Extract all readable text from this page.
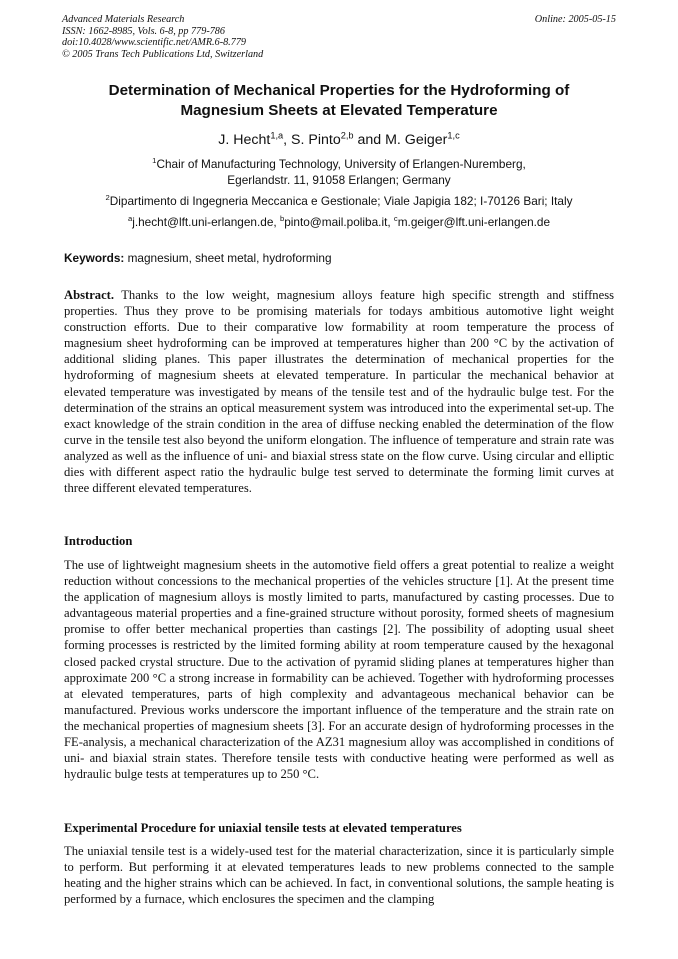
Advanced Materials Research
ISSN: 1662-8985, Vols. 6-8, pp 779-786
doi:10.4028/www.scientific.net/AMR.6-8.779
© 2005 Trans Tech Publications Ltd, Switzerland
Online: 2005-05-15
Determination of Mechanical Properties for the Hydroforming of
Magnesium Sheets at Elevated Temperature
J. Hecht$^{1,a}$, S. Pinto$^{2,b}$ and M. Geiger$^{1,c}$
$^1$Chair of Manufacturing Technology, University of Erlangen-Nuremberg,
Egerlandstr. 11, 91058 Erlangen; Germany
$^2$Dipartimento di Ingegneria Meccanica e Gestionale; Viale Japigia 182; I-70126 Bari; Italy
$^a$j.hecht@lft.uni-erlangen.de, $^b$pinto@mail.poliba.it, $^c$m.geiger@lft.uni-erlangen.de
Keywords: magnesium, sheet metal, hydroforming
Abstract. Thanks to the low weight, magnesium alloys feature high specific strength and stiffness properties. Thus they prove to be promising materials for todays ambitious automotive light weight construction efforts. Due to their comparative low formability at room temperature the process of magnesium sheet hydroforming can be improved at temperatures higher than 200 °C by the activation of additional sliding planes. This paper illustrates the determination of mechanical properties for the hydroforming of magnesium sheets at elevated temperature. In particular the mechanical behavior at elevated temperature was investigated by means of the tensile test and of the hydraulic bulge test. For the determination of the strains an optical measurement system was introduced into the experimental set-up. The exact knowledge of the strain condition in the area of diffuse necking enabled the determination of the flow curve in the tensile test also beyond the uniform elongation. The influence of temperature and strain rate was analyzed as well as the influence of uni- and biaxial stress state on the flow curve. Using circular and elliptic dies with different aspect ratio the hydraulic bulge test served to determinate the forming limit curves at three different elevated temperatures.
Introduction
The use of lightweight magnesium sheets in the automotive field offers a great potential to realize a weight reduction without concessions to the mechanical properties of the vehicles structure [1]. At the present time the application of magnesium alloys is mostly limited to parts, manufactured by casting processes. Due to advantageous material properties and a fine-grained structure without porosity, formed sheets of magnesium promise to offer better mechanical properties than castings [2]. The possibility of adopting usual sheet forming processes is restricted by the limited forming ability at room temperature caused by the hexagonal closed packed crystal structure. Due to the activation of pyramid sliding planes at temperatures higher than approximate 200 °C a strong increase in formability can be achieved. Together with hydroforming processes at elevated temperatures, parts of high complexity and advantageous mechanical behavior can be manufactured. Previous works underscore the important influence of the temperature and the strain rate on the mechanical properties of magnesium sheets [3]. For an accurate design of hydroforming processes in the FE-analysis, a mechanical characterization of the AZ31 magnesium alloy was accomplished in conditions of uni- and biaxial strain states. Therefore tensile tests with conductive heating were performed as well as hydraulic bulge tests at temperatures up to 250 °C.
Experimental Procedure for uniaxial tensile tests at elevated temperatures
The uniaxial tensile test is a widely-used test for the material characterization, since it is particularly simple to perform. But performing it at elevated temperatures leads to new problems connected to the sample heating and the higher strains which can be achieved. In fact, in conventional solutions, the sample heating is performed by a furnace, which enclosures the specimen and the clamping
